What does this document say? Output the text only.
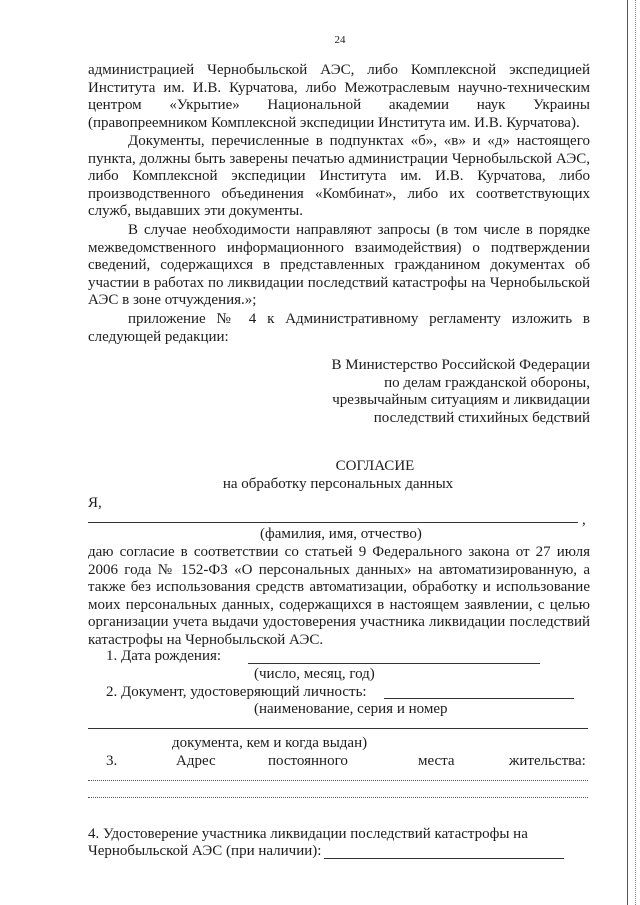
24
администрацией Чернобыльской АЭС, либо Комплексной экспедицией Института им. И.В. Курчатова, либо Межотраслевым научно-техническим центром «Укрытие» Национальной академии наук Украины (правопреемником Комплексной экспедиции Института им. И.В. Курчатова).
Документы, перечисленные в подпунктах «б», «в» и «д» настоящего пункта, должны быть заверены печатью администрации Чернобыльской АЭС, либо Комплексной экспедиции Института им. И.В. Курчатова, либо производственного объединения «Комбинат», либо их соответствующих служб, выдавших эти документы.
В случае необходимости направляют запросы (в том числе в порядке межведомственного информационного взаимодействия) о подтверждении сведений, содержащихся в представленных гражданином документах об участии в работах по ликвидации последствий катастрофы на Чернобыльской АЭС в зоне отчуждения.»;
приложение № 4 к Административному регламенту изложить в следующей редакции:
В Министерство Российской Федерации
по делам гражданской обороны,
чрезвычайным ситуациям и ликвидации
последствий стихийных бедствий
СОГЛАСИЕ
на обработку персональных данных
Я,
,
(фамилия, имя, отчество)
даю согласие в соответствии со статьей 9 Федерального закона от 27 июля 2006 года № 152-ФЗ «О персональных данных» на автоматизированную, а также без использования средств автоматизации, обработку и использование моих персональных данных, содержащихся в настоящем заявлении, с целью организации учета выдачи удостоверения участника ликвидации последствий катастрофы на Чернобыльской АЭС.
1. Дата рождения:
(число, месяц, год)
2. Документ, удостоверяющий личность:
(наименование, серия и номер
документа, кем и когда выдан)
3.	Адрес	постоянного	места	жительства:
4. Удостоверение участника ликвидации последствий катастрофы на
Чернобыльской АЭС (при наличии):
